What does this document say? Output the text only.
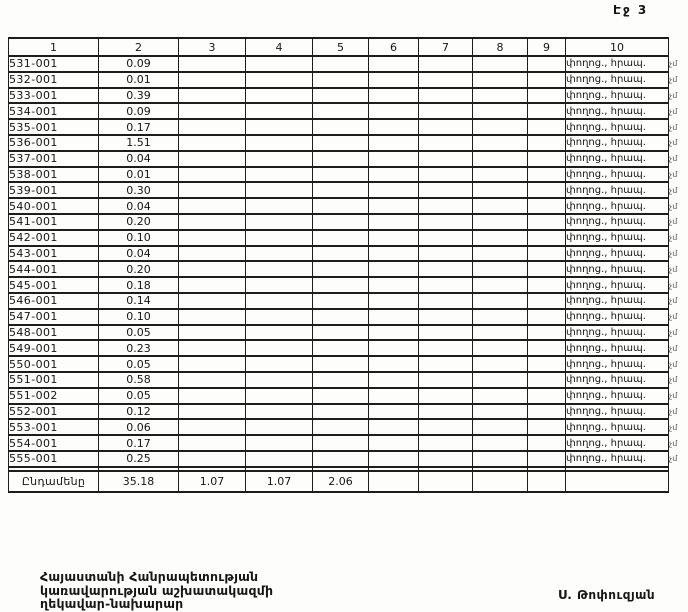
Էջ 3
1	2	3	4	5	6	7	8	9	10	
531-001	0.09								փողոց., հրապ.	չմ
532-001	0.01								փողոց., հրապ.	չմ
533-001	0.39								փողոց., հրապ.	չմ
534-001	0.09								փողոց., հրապ.	չմ
535-001	0.17								փողոց., հրապ.	չմ
536-001	1.51								փողոց., հրապ.	չմ
537-001	0.04								փողոց., հրապ.	չմ
538-001	0.01								փողոց., հրապ.	չմ
539-001	0.30								փողոց., հրապ.	չմ
540-001	0.04								փողոց., հրապ.	չմ
541-001	0.20								փողոց., հրապ.	չմ
542-001	0.10								փողոց., հրապ.	չմ
543-001	0.04								փողոց., հրապ.	չմ
544-001	0.20								փողոց., հրապ.	չմ
545-001	0.18								փողոց., հրապ.	չմ
546-001	0.14								փողոց., հրապ.	չմ
547-001	0.10								փողոց., հրապ.	չմ
548-001	0.05								փողոց., հրապ.	չմ
549-001	0.23								փողոց., հրապ.	չմ
550-001	0.05								փողոց., հրապ.	չմ
551-001	0.58								փողոց., հրապ.	չմ
551-002	0.05								փողոց., հրապ.	չմ
552-001	0.12								փողոց., հրապ.	չմ
553-001	0.06								փողոց., հրապ.	չմ
554-001	0.17								փողոց., հրապ.	չմ
555-001	0.25								փողոց., հրապ.	չմ

Ընդամենը	35.18	1.07	1.07	2.06						
Հայաստանի Հանրապետության
կառավարության աշխատակազմի
ղեկավար-նախարար
Ս. Թոփուզյան
